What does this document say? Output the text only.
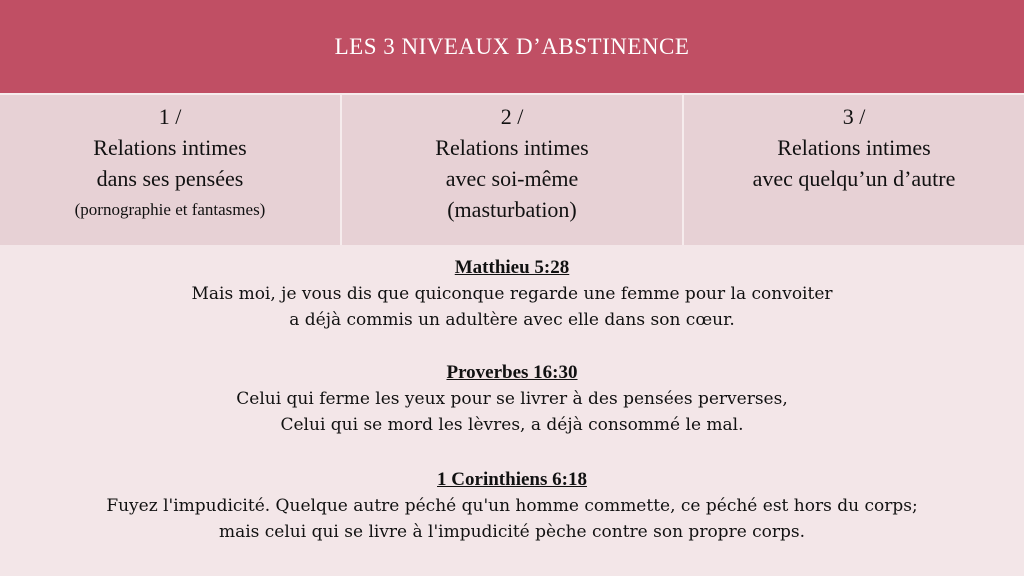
LES 3 NIVEAUX D’ABSTINENCE
1 /
Relations intimes
dans ses pensées
(pornographie et fantasmes)
2 /
Relations intimes
avec soi-même
(masturbation)
3 /
Relations intimes
avec quelqu’un d’autre
Matthieu 5:28
Mais moi, je vous dis que quiconque regarde une femme pour la convoiter
a déjà commis un adultère avec elle dans son cœur.
Proverbes 16:30
Celui qui ferme les yeux pour se livrer à des pensées perverses,
Celui qui se mord les lèvres, a déjà consommé le mal.
1 Corinthiens 6:18
Fuyez l'impudicité. Quelque autre péché qu'un homme commette, ce péché est hors du corps;
mais celui qui se livre à l'impudicité pèche contre son propre corps.
